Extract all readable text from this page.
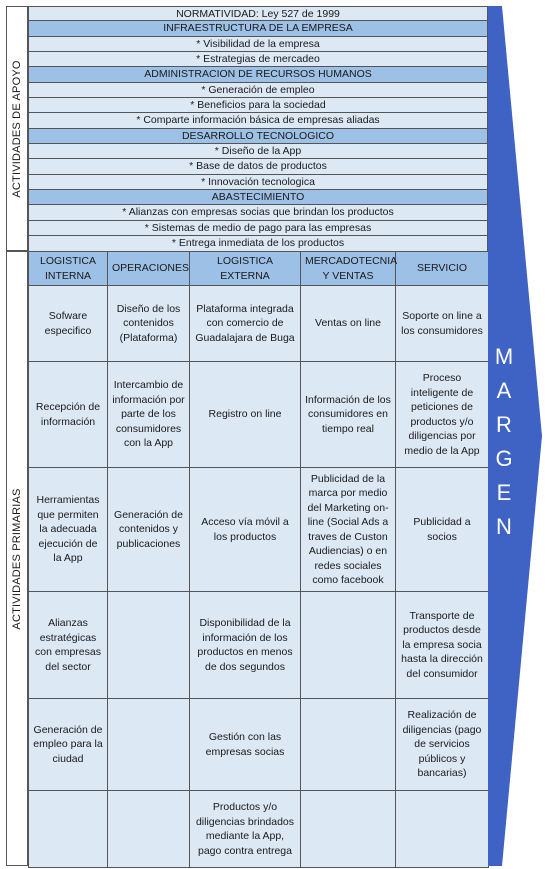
ACTIVIDADES DE APOYO
ACTIVIDADES PRIMARIAS
NORMATIVIDAD: Ley 527 de 1999
INFRAESTRUCTURA DE LA EMPRESA
* Visibilidad de la empresa
* Estrategias de mercadeo
ADMINISTRACION DE RECURSOS HUMANOS
* Generación de empleo
* Beneficios para la sociedad
* Comparte información básica de empresas aliadas
DESARROLLO TECNOLOGICO
* Diseño de la App
* Base de datos de productos
* Innovación tecnologica
ABASTECIMIENTO
* Alianzas con empresas socias que brindan los productos
* Sistemas de medio de pago para las empresas
* Entrega inmediata de los productos
LOGISTICA INTERNA	OPERACIONES	LOGISTICA EXTERNA	MERCADOTECNIA Y VENTAS	SERVICIO
Sofware especifico	Diseño de los contenidos (Plataforma)	Plataforma integrada con comercio de Guadalajara de Buga	Ventas on line	Soporte on line a los consumidores
Recepción de información	Intercambio de información por parte de los consumidores con la App	Registro on line	Información de los consumidores en tiempo real	Proceso inteligente de peticiones de productos y/o diligencias por medio de la App
Herramientas que permiten la adecuada ejecución de la App	Generación de contenidos y publicaciones	Acceso vía móvil a los productos	Publicidad de la marca por medio del Marketing on-line (Social Ads a traves de Custon Audiencias) o en redes sociales como facebook	Publicidad a socios
Alianzas estratégicas con empresas del sector		Disponibilidad de la información de los productos en menos de dos segundos		Transporte de productos desde la empresa socia hasta la dirección del consumidor
Generación de empleo para la ciudad		Gestión con las empresas socias		Realización de diligencias (pago de servicios públicos y bancarias)
		Productos y/o diligencias brindados mediante la App, pago contra entrega		
M
A
R
G
E
N
